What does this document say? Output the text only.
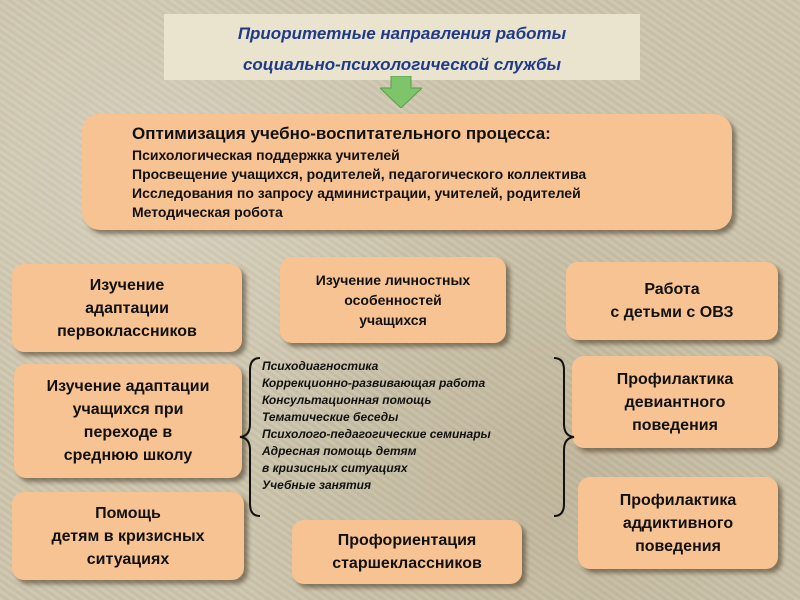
Приоритетные направления работы
социально-психологической службы
Оптимизация учебно-воспитательного процесса:
Психологическая поддержка учителей
Просвещение учащихся, родителей, педагогического коллектива
Исследования по запросу администрации, учителей, родителей
Методическая робота
Изучение
адаптации
первоклассников
Изучение личностных
особенностей
учащихся
Работа
с детьми с ОВЗ
Изучение адаптации
учащихся при
переходе в
среднюю школу
Профилактика
девиантного
поведения
Психодиагностика
Коррекционно-развивающая работа
Консультационная помощь
Тематические беседы
Психолого-педагогические семинары
Адресная помощь детям
в кризисных ситуациях
Учебные занятия
Помощь
детям в кризисных
ситуациях
Профориентация
старшеклассников
Профилактика
аддиктивного
поведения
